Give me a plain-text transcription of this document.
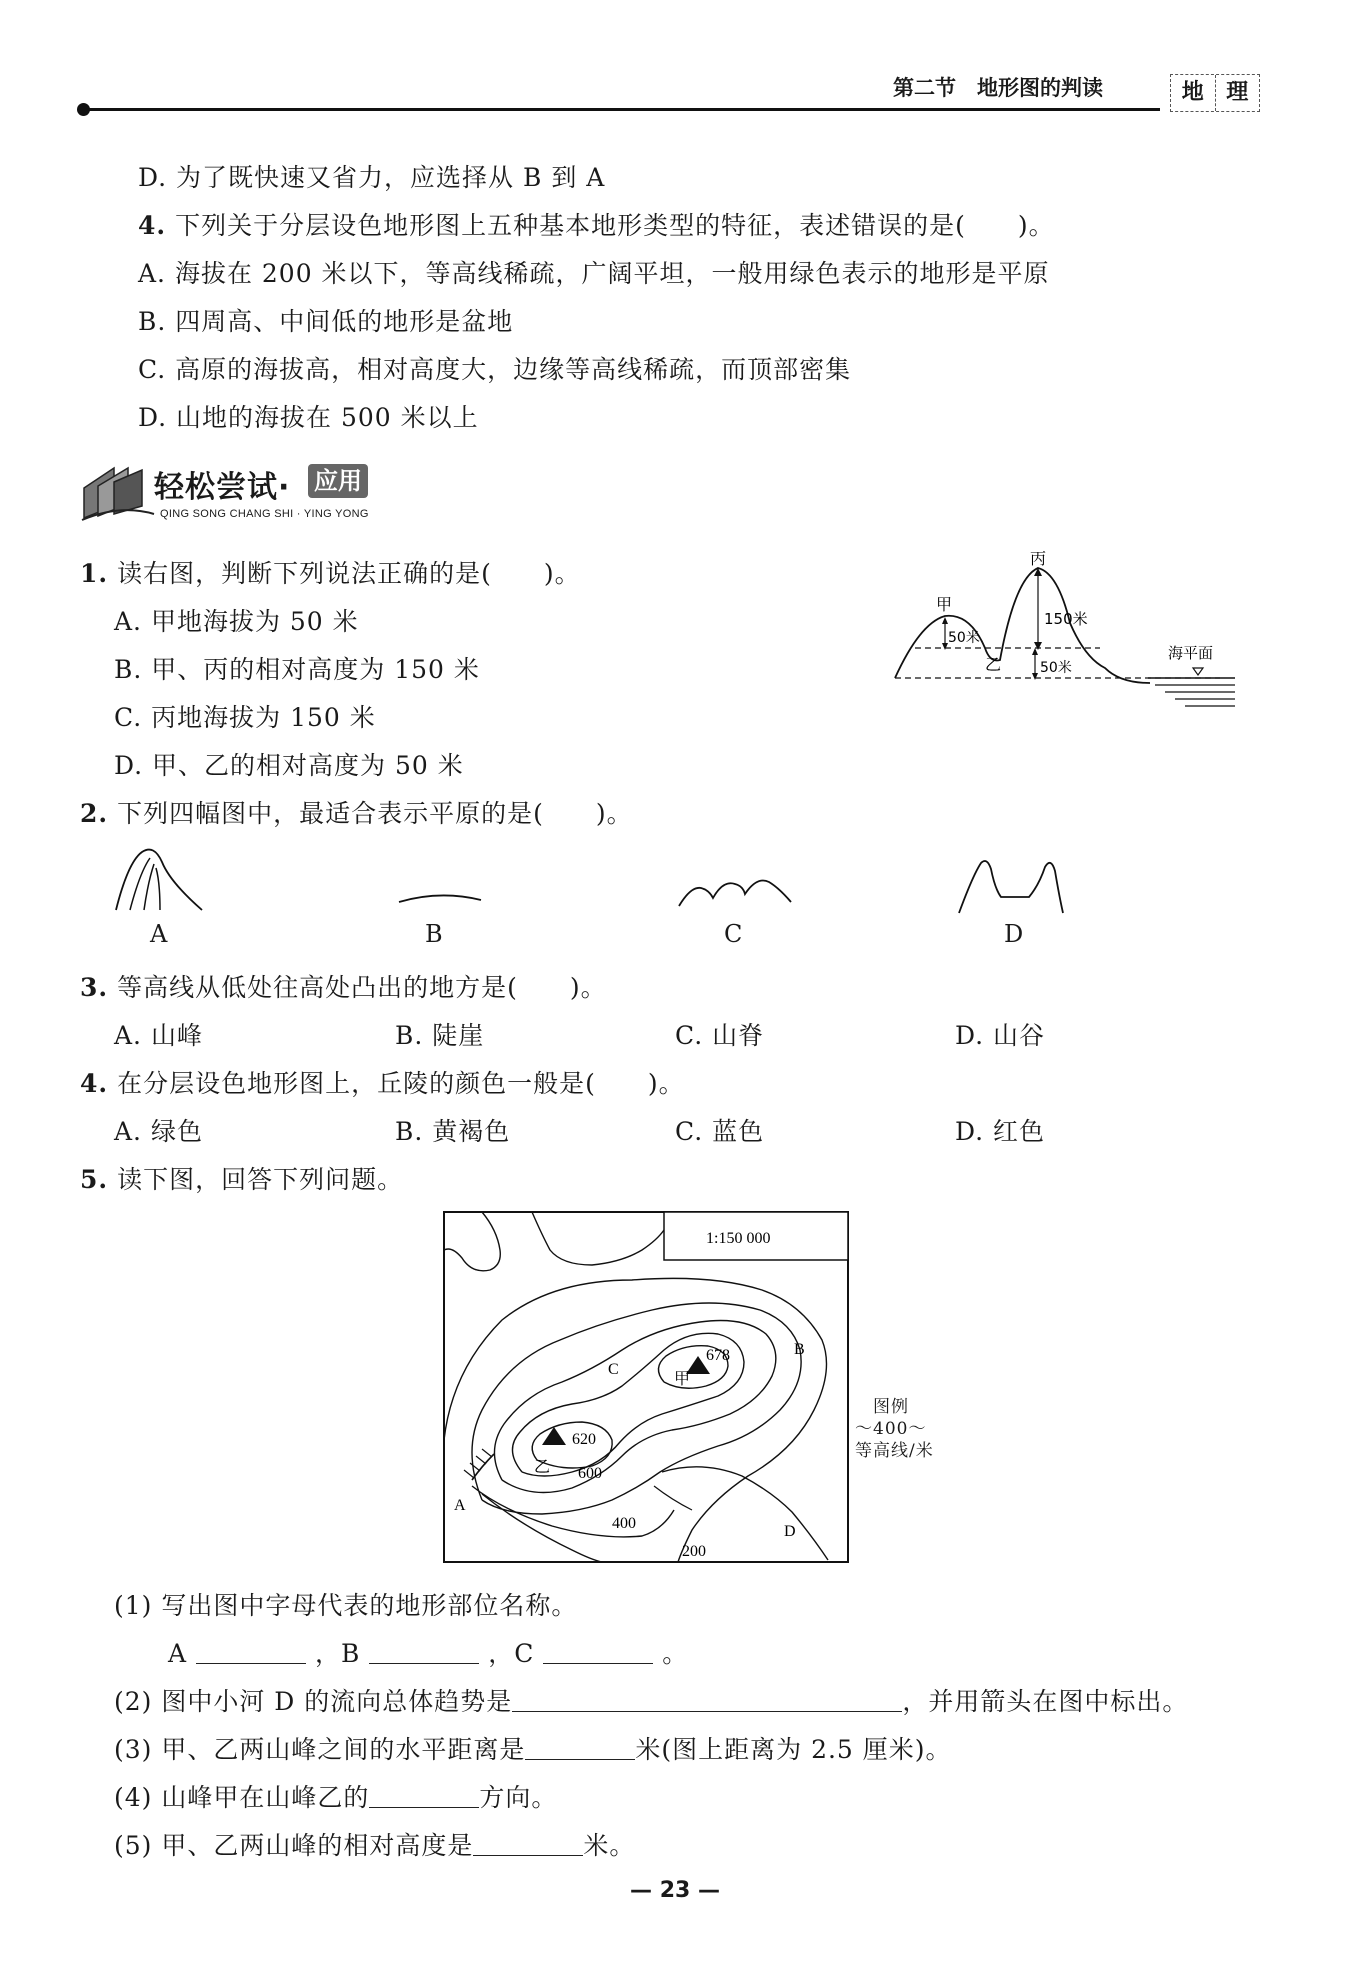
第二节　地形图的判读	地	理
D. 为了既快速又省力，应选择从 B 到 A
4. 下列关于分层设色地形图上五种基本地形类型的特征，表述错误的是(　　)。
A. 海拔在 200 米以下，等高线稀疏，广阔平坦，一般用绿色表示的地形是平原
B. 四周高、中间低的地形是盆地
C. 高原的海拔高，相对高度大，边缘等高线稀疏，而顶部密集
D. 山地的海拔在 500 米以上
轻松尝试· 应用
QING SONG CHANG SHI · YING YONG
1. 读右图，判断下列说法正确的是(　　)。
A. 甲地海拔为 50 米
B. 甲、丙的相对高度为 150 米
C. 丙地海拔为 150 米
D. 甲、乙的相对高度为 50 米
丙
甲
乙
150米
50米
50米
海平面
2. 下列四幅图中，最适合表示平原的是(　　)。
A	B	C	D
3. 等高线从低处往高处凸出的地方是(　　)。
A. 山峰	B. 陡崖	C. 山脊	D. 山谷
4. 在分层设色地形图上，丘陵的颜色一般是(　　)。
A. 绿色	B. 黄褐色	C. 蓝色	D. 红色
5. 读下图，回答下列问题。
1:150 000
678
甲
620
乙 600
400
200
A
B
C
D
图例
〜400〜
等高线/米
(1) 写出图中字母代表的地形部位名称。
A	，B	，C	。
(2) 图中小河 D 的流向总体趋势是	，并用箭头在图中标出。
(3) 甲、乙两山峰之间的水平距离是	米(图上距离为 2.5 厘米)。
(4) 山峰甲在山峰乙的	方向。
(5) 甲、乙两山峰的相对高度是	米。
— 23 —
